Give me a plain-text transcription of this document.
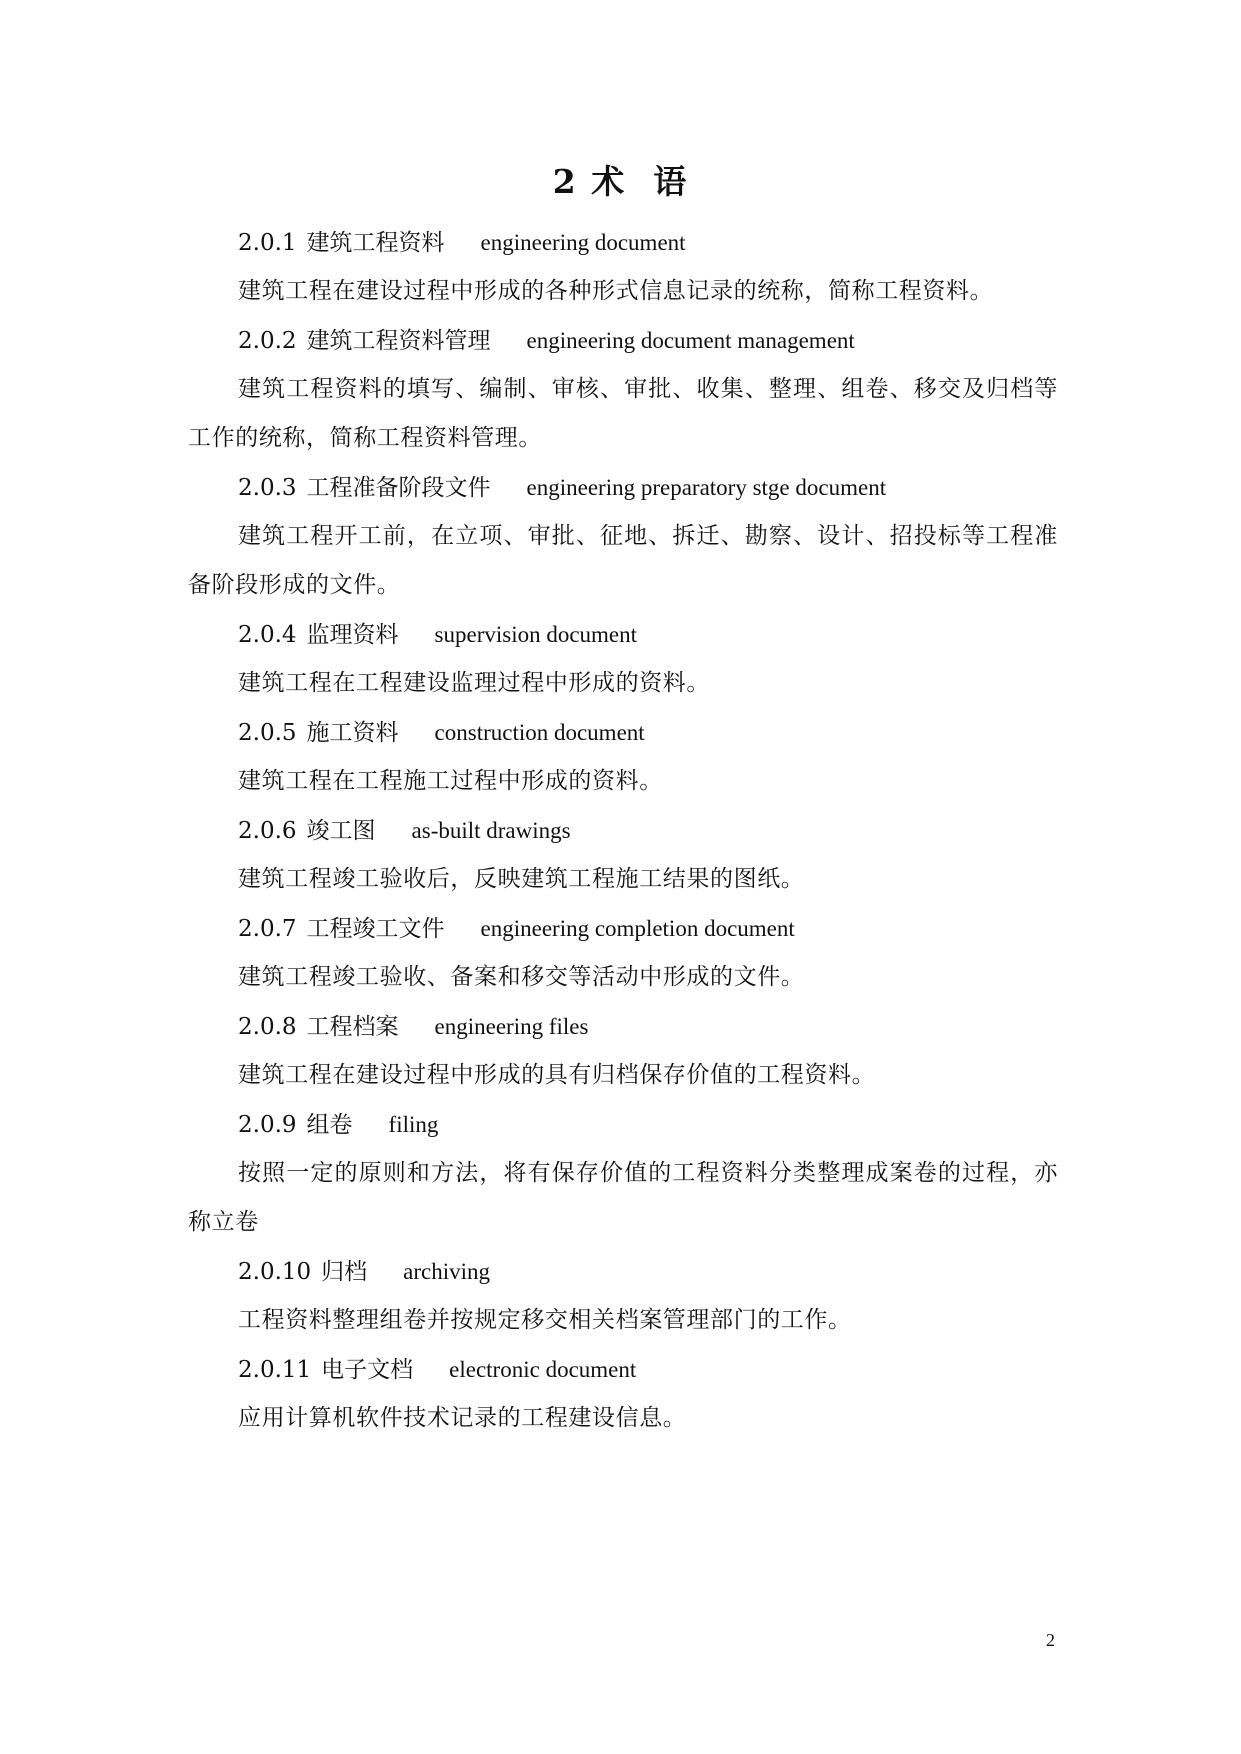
2 术  语
2.0.1 建筑工程资料 engineering document

建筑工程在建设过程中形成的各种形式信息记录的统称，简称工程资料。

2.0.2 建筑工程资料管理 engineering document management

建筑工程资料的填写、编制、审核、审批、收集、整理、组卷、移交及归档等工作的统称，简称工程资料管理。

2.0.3 工程准备阶段文件 engineering preparatory stge document

建筑工程开工前，在立项、审批、征地、拆迁、勘察、设计、招投标等工程准备阶段形成的文件。

2.0.4 监理资料 supervision document

建筑工程在工程建设监理过程中形成的资料。

2.0.5 施工资料 construction document

建筑工程在工程施工过程中形成的资料。

2.0.6 竣工图 as-built drawings

建筑工程竣工验收后，反映建筑工程施工结果的图纸。

2.0.7 工程竣工文件 engineering completion document

建筑工程竣工验收、备案和移交等活动中形成的文件。

2.0.8 工程档案 engineering files

建筑工程在建设过程中形成的具有归档保存价值的工程资料。

2.0.9 组卷 filing

按照一定的原则和方法，将有保存价值的工程资料分类整理成案卷的过程，亦称立卷

2.0.10 归档 archiving

工程资料整理组卷并按规定移交相关档案管理部门的工作。

2.0.11 电子文档 electronic document

应用计算机软件技术记录的工程建设信息。

2
